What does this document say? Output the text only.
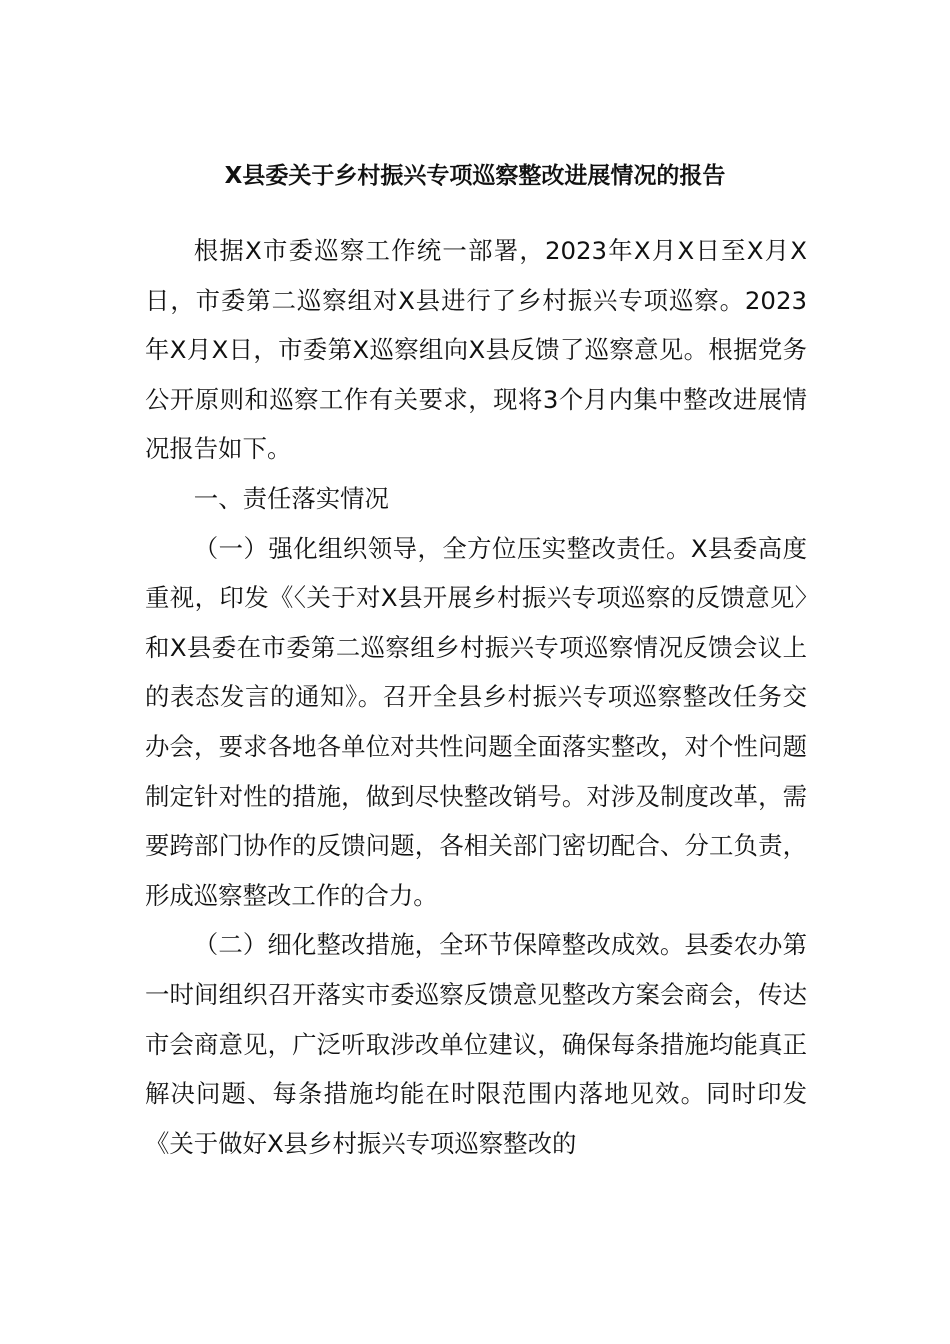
X县委关于乡村振兴专项巡察整改进展情况的报告

根据X市委巡察工作统一部署，2023年X月X日至X月X日，市委第二巡察组对X县进行了乡村振兴专项巡察。2023年X月X日，市委第X巡察组向X县反馈了巡察意见。根据党务公开原则和巡察工作有关要求，现将3个月内集中整改进展情况报告如下。

一、责任落实情况

（一）强化组织领导，全方位压实整改责任。X县委高度重视，印发《〈关于对X县开展乡村振兴专项巡察的反馈意见〉和X县委在市委第二巡察组乡村振兴专项巡察情况反馈会议上的表态发言的通知》。召开全县乡村振兴专项巡察整改任务交办会，要求各地各单位对共性问题全面落实整改，对个性问题制定针对性的措施，做到尽快整改销号。对涉及制度改革，需要跨部门协作的反馈问题，各相关部门密切配合、分工负责，形成巡察整改工作的合力。

（二）细化整改措施，全环节保障整改成效。县委农办第一时间组织召开落实市委巡察反馈意见整改方案会商会，传达市会商意见，广泛听取涉改单位建议，确保每条措施均能真正解决问题、每条措施均能在时限范围内落地见效。同时印发《关于做好X县乡村振兴专项巡察整改的
